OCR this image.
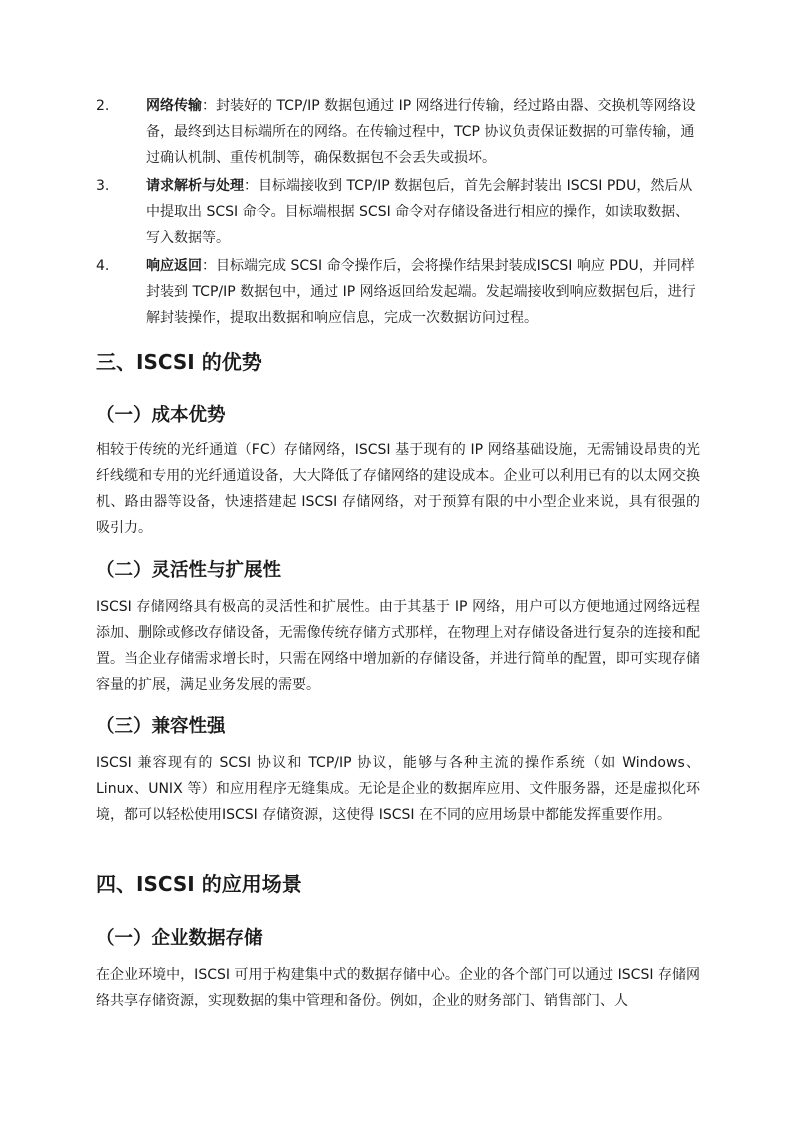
2.	网络传输：封装好的 TCP/IP 数据包通过 IP 网络进行传输，经过路由器、交换机等网络设备，最终到达目标端所在的网络。在传输过程中，TCP 协议负责保证数据的可靠传输，通过确认机制、重传机制等，确保数据包不会丢失或损坏。
3.	请求解析与处理：目标端接收到 TCP/IP 数据包后，首先会解封装出 ISCSI PDU，然后从中提取出 SCSI 命令。目标端根据 SCSI 命令对存储设备进行相应的操作，如读取数据、写入数据等。
4.	响应返回：目标端完成 SCSI 命令操作后，会将操作结果封装成ISCSI 响应 PDU，并同样封装到 TCP/IP 数据包中，通过 IP 网络返回给发起端。发起端接收到响应数据包后，进行解封装操作，提取出数据和响应信息，完成一次数据访问过程。
三、ISCSI 的优势
（一）成本优势

相较于传统的光纤通道（FC）存储网络，ISCSI 基于现有的 IP 网络基础设施，无需铺设昂贵的光纤线缆和专用的光纤通道设备，大大降低了存储网络的建设成本。企业可以利用已有的以太网交换机、路由器等设备，快速搭建起 ISCSI 存储网络，对于预算有限的中小型企业来说，具有很强的吸引力。

（二）灵活性与扩展性

ISCSI 存储网络具有极高的灵活性和扩展性。由于其基于 IP 网络，用户可以方便地通过网络远程添加、删除或修改存储设备，无需像传统存储方式那样，在物理上对存储设备进行复杂的连接和配置。当企业存储需求增长时，只需在网络中增加新的存储设备，并进行简单的配置，即可实现存储容量的扩展，满足业务发展的需要。

（三）兼容性强

ISCSI 兼容现有的 SCSI 协议和 TCP/IP 协议，能够与各种主流的操作系统（如 Windows、Linux、UNIX 等）和应用程序无缝集成。无论是企业的数据库应用、文件服务器，还是虚拟化环境，都可以轻松使用ISCSI 存储资源，这使得 ISCSI 在不同的应用场景中都能发挥重要作用。

四、ISCSI 的应用场景
（一）企业数据存储

在企业环境中，ISCSI 可用于构建集中式的数据存储中心。企业的各个部门可以通过 ISCSI 存储网络共享存储资源，实现数据的集中管理和备份。例如，企业的财务部门、销售部门、人
